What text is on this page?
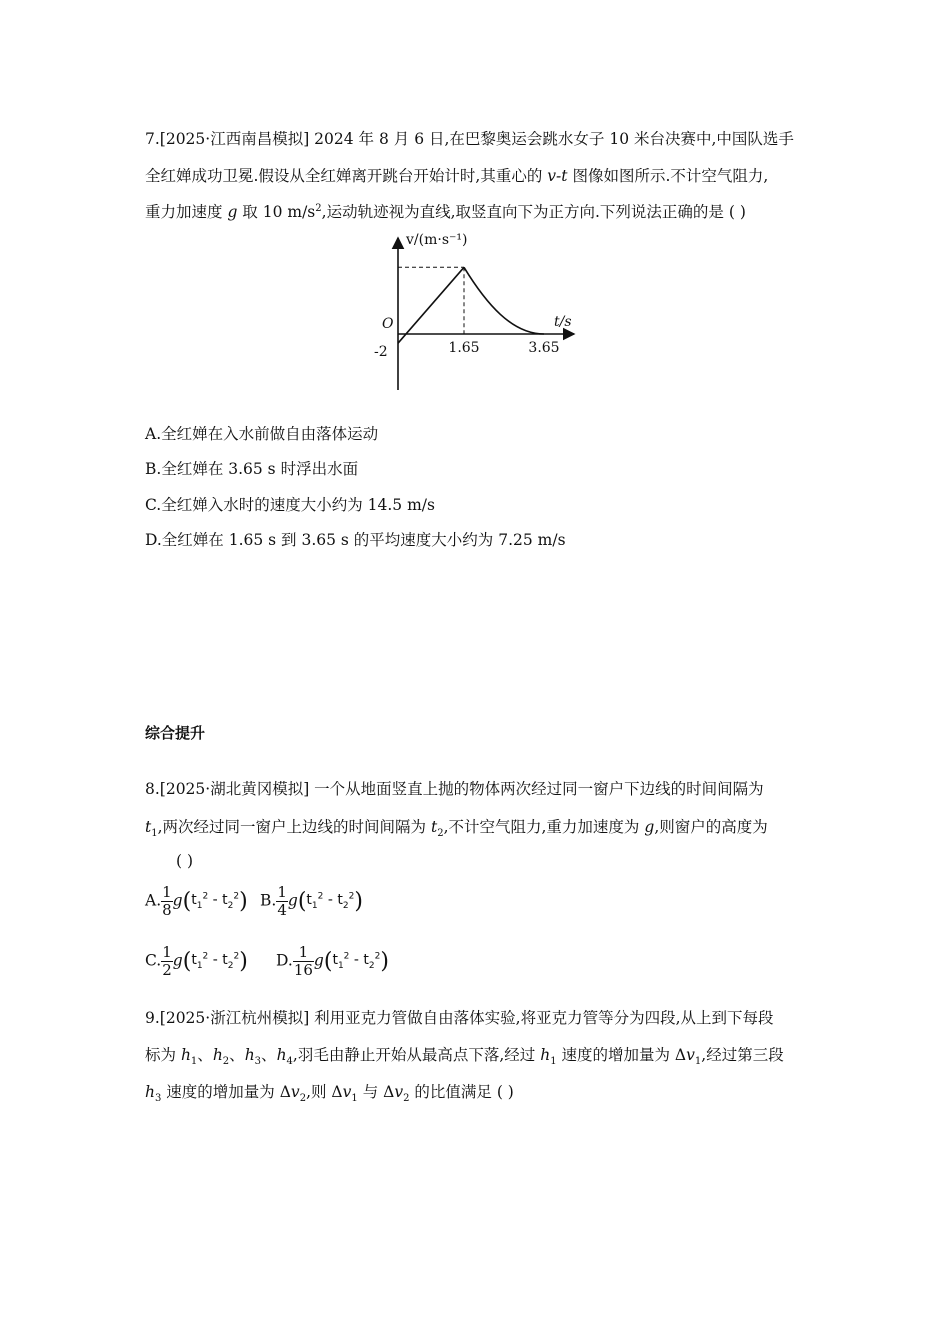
7.[2025·江西南昌模拟] 2024 年 8 月 6 日,在巴黎奥运会跳水女子 10 米台决赛中,中国队选手
全红婵成功卫冕.假设从全红婵离开跳台开始计时,其重心的 v-t 图像如图所示.不计空气阻力,
重力加速度 g 取 10 $m/s^2$,运动轨迹视为直线,取竖直向下为正方向.下列说法正确的是 ( )
v/(m·s⁻¹)
t/s
O
-2	1.65	3.65
A.全红婵在入水前做自由落体运动
B.全红婵在 3.65 s 时浮出水面
C.全红婵入水时的速度大小约为 14.5 m/s
D.全红婵在 1.65 s 到 3.65 s 的平均速度大小约为 7.25 m/s
综合提升
8.[2025·湖北黄冈模拟] 一个从地面竖直上抛的物体两次经过同一窗户下边线的时间间隔为
$t_1$,两次经过同一窗户上边线的时间间隔为 $t_2$,不计空气阻力,重力加速度为 g,则窗户的高度为
( )
A. $\frac{1}{8} g(t_1^2 - t_2^2)$ B. $\frac{1}{4} g(t_1^2 - t_2^2)$
C. $\frac{1}{2} g(t_1^2 - t_2^2)$ D. $\frac{1}{16} g(t_1^2 - t_2^2)$
9.[2025·浙江杭州模拟] 利用亚克力管做自由落体实验,将亚克力管等分为四段,从上到下每段
标为 $h_1$、$h_2$、$h_3$、$h_4$,羽毛由静止开始从最高点下落,经过 $h_1$ 速度的增加量为 $\Delta v_1$,经过第三段
$h_3$ 速度的增加量为 $\Delta v_2$,则 $\Delta v_1$ 与 $\Delta v_2$ 的比值满足 ( )
